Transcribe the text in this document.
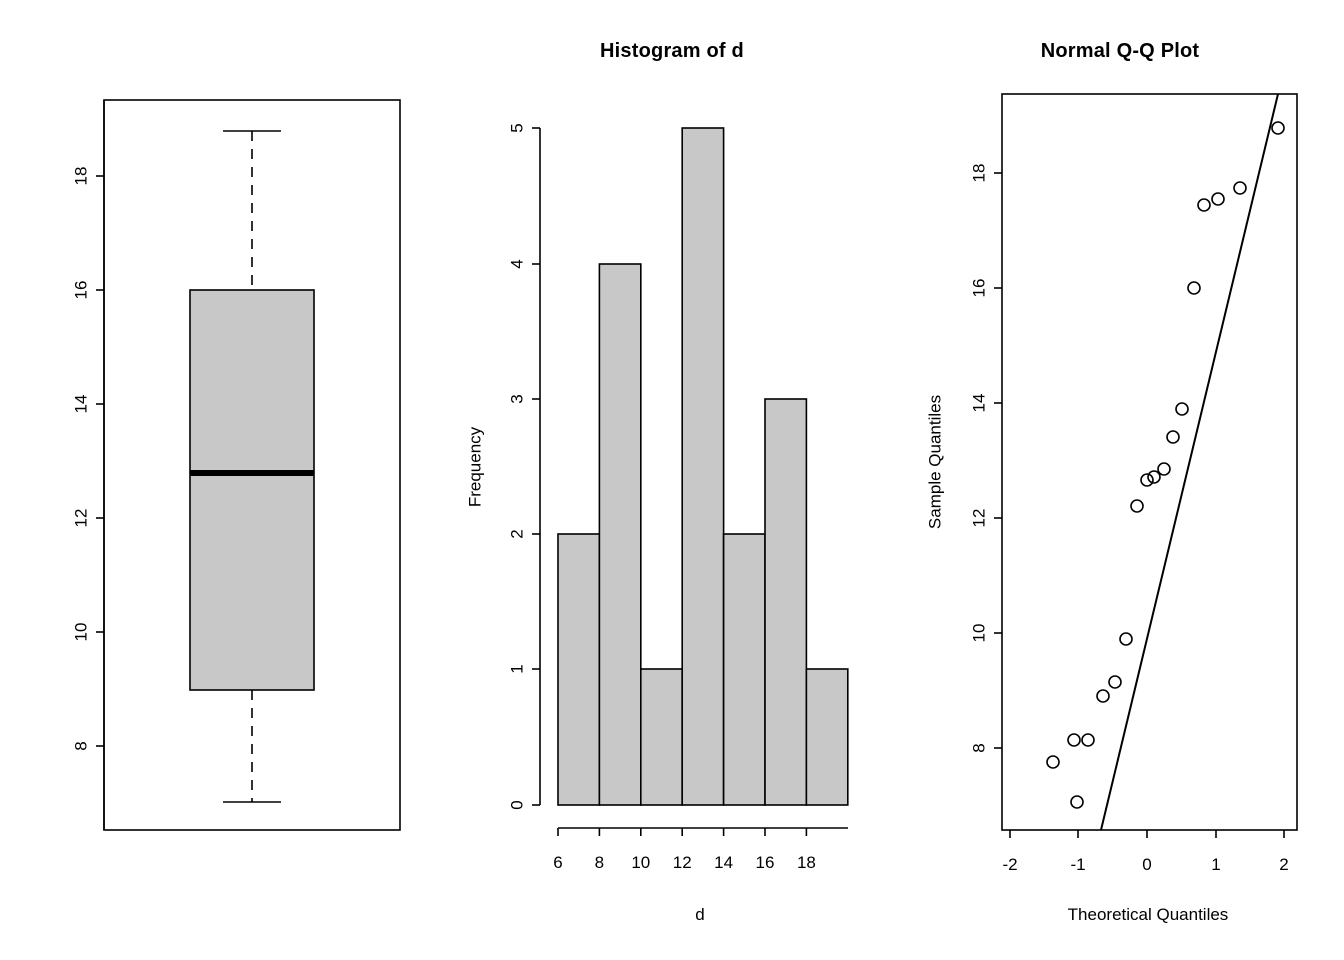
8
10
12
14
16
18
Histogram of d
0
1
2
3
4
5
Frequency
6 8 10 12 14 16 18
d
Normal Q-Q Plot
8
10
12
14
16
18
Sample Quantiles
-2	-1	0	1	2
Theoretical Quantiles
